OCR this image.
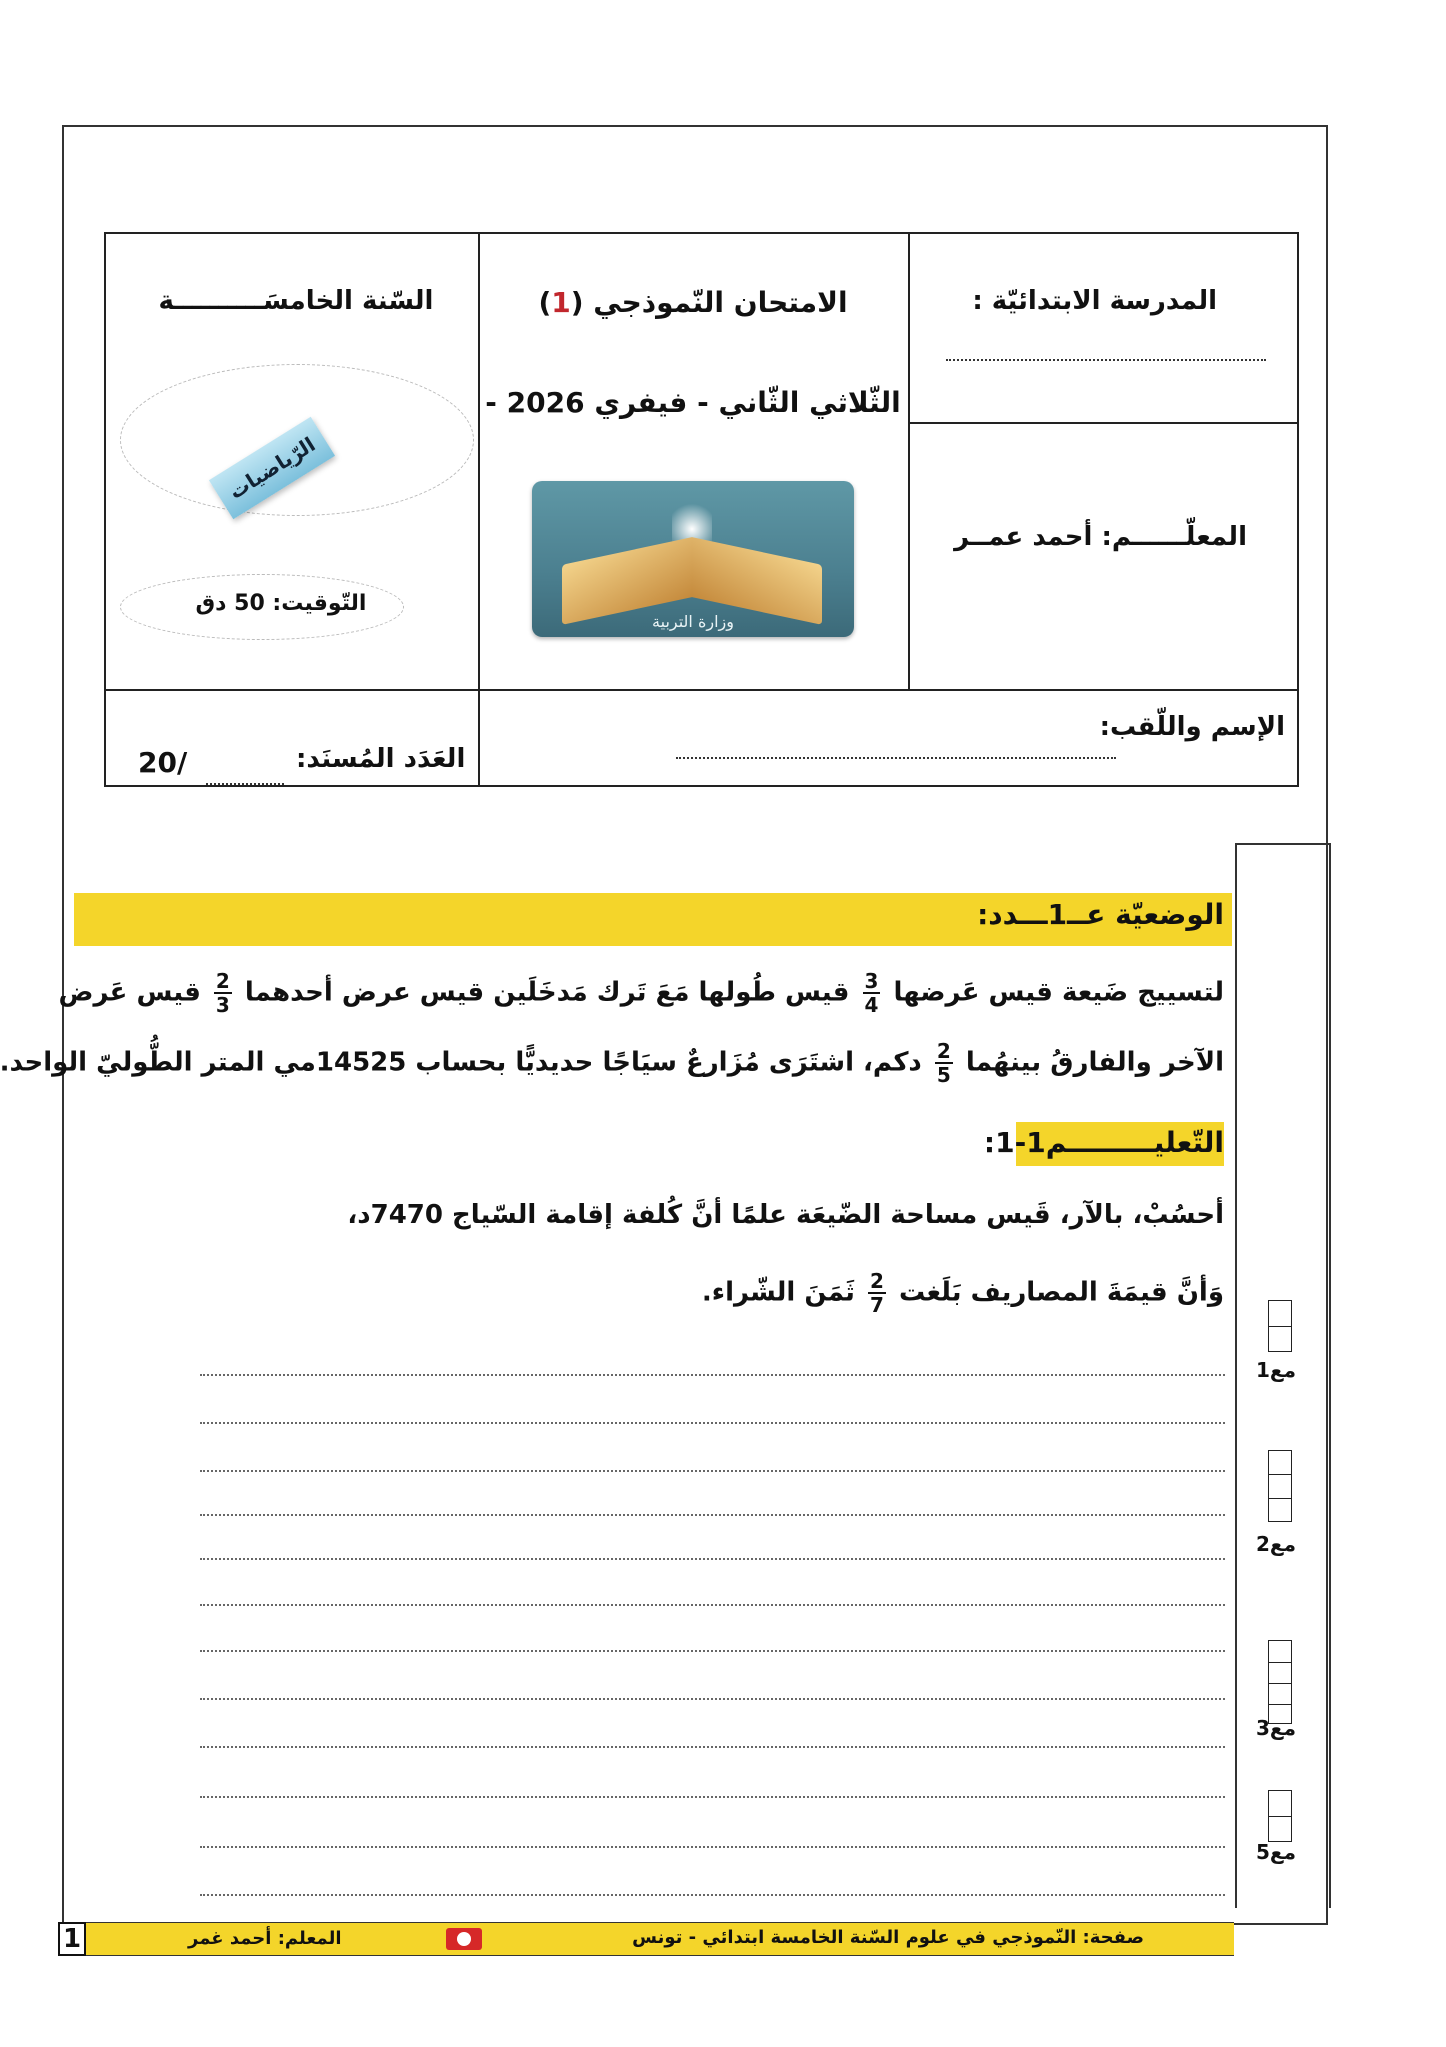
المدرسة الابتدائيّة :
الامتحان النّموذجي (1)
الثّلاثي الثّاني - فيفري 2026 -
السّنة الخامسَــــــــــة
التّوقيت: 50 دق
المعلّــــــم: أحمد عمــر
الإسم واللّقب:
العَدَد المُسنَد:
20/
وزارة التربية
الرّياضيات
مع1
مع2
مع3
مع5
الوضعيّة عــ1ـــدد:
لتسييج ضَيعة قيس عَرضها
$\frac{3}{4}$
قيس طُولها مَعَ تَرك مَدخَلَين قيس عرض أحدهما
$\frac{2}{3}$
قيس عَرض
الآخر والفارقُ بينهُما
$\frac{2}{5}$
دكم، اشتَرَى مُزَارعٌ سيَاجًا حديديًّا بحساب 14525مي المتر الطُّوليّ الواحد.
التّعليـــــــــم1-1:
أحسُبْ، بالآر، قَيس مساحة الضّيعَة علمًا أنَّ كُلفة إقامة السّياج 7470د،
وَأنَّ قيمَةَ المصاريف بَلَغت
$\frac{2}{7}$
ثَمَنَ الشّراء.
صفحة: النّموذجي في علوم السّنة الخامسة ابتدائي - تونس
المعلم: أحمد غمر
1
